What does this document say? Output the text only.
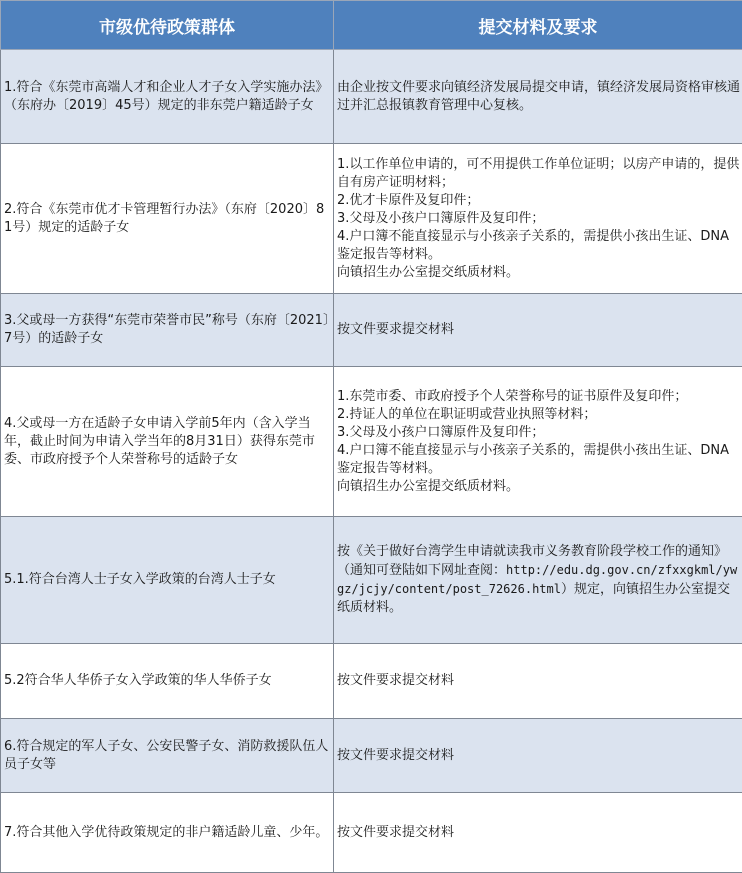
市级优待政策群体	提交材料及要求
1.符合《东莞市高端人才和企业人才子女入学实施办法》（东府办〔2019〕45号）规定的非东莞户籍适龄子女	由企业按文件要求向镇经济发展局提交申请，镇经济发展局资格审核通过并汇总报镇教育管理中心复核。

2.符合《东莞市优才卡管理暂行办法》（东府〔2020〕81号）规定的适龄子女	1.以工作单位申请的，可不用提供工作单位证明；以房产申请的，提供自有房产证明材料；
2.优才卡原件及复印件；
3.父母及小孩户口簿原件及复印件；
4.户口簿不能直接显示与小孩亲子关系的，需提供小孩出生证、DNA鉴定报告等材料。
向镇招生办公室提交纸质材料。

3.父或母一方获得“东莞市荣誉市民”称号（东府〔2021〕7号）的适龄子女	按文件要求提交材料

4.父或母一方在适龄子女申请入学前5年内（含入学当年，截止时间为申请入学当年的8月31日）获得东莞市委、市政府授予个人荣誉称号的适龄子女	1.东莞市委、市政府授予个人荣誉称号的证书原件及复印件；
2.持证人的单位在职证明或营业执照等材料；
3.父母及小孩户口簿原件及复印件；
4.户口簿不能直接显示与小孩亲子关系的，需提供小孩出生证、DNA鉴定报告等材料。
向镇招生办公室提交纸质材料。

5.1.符合台湾人士子女入学政策的台湾人士子女	按《关于做好台湾学生申请就读我市义务教育阶段学校工作的通知》（通知可登陆如下网址查阅：http://edu.dg.gov.cn/zfxxgkml/ywgz/jcjy/content/post_72626.html）规定，向镇招生办公室提交纸质材料。
5.2符合华人华侨子女入学政策的华人华侨子女	按文件要求提交材料

6.符合规定的军人子女、公安民警子女、消防救援队伍人员子女等	按文件要求提交材料

7.符合其他入学优待政策规定的非户籍适龄儿童、少年。	按文件要求提交材料
